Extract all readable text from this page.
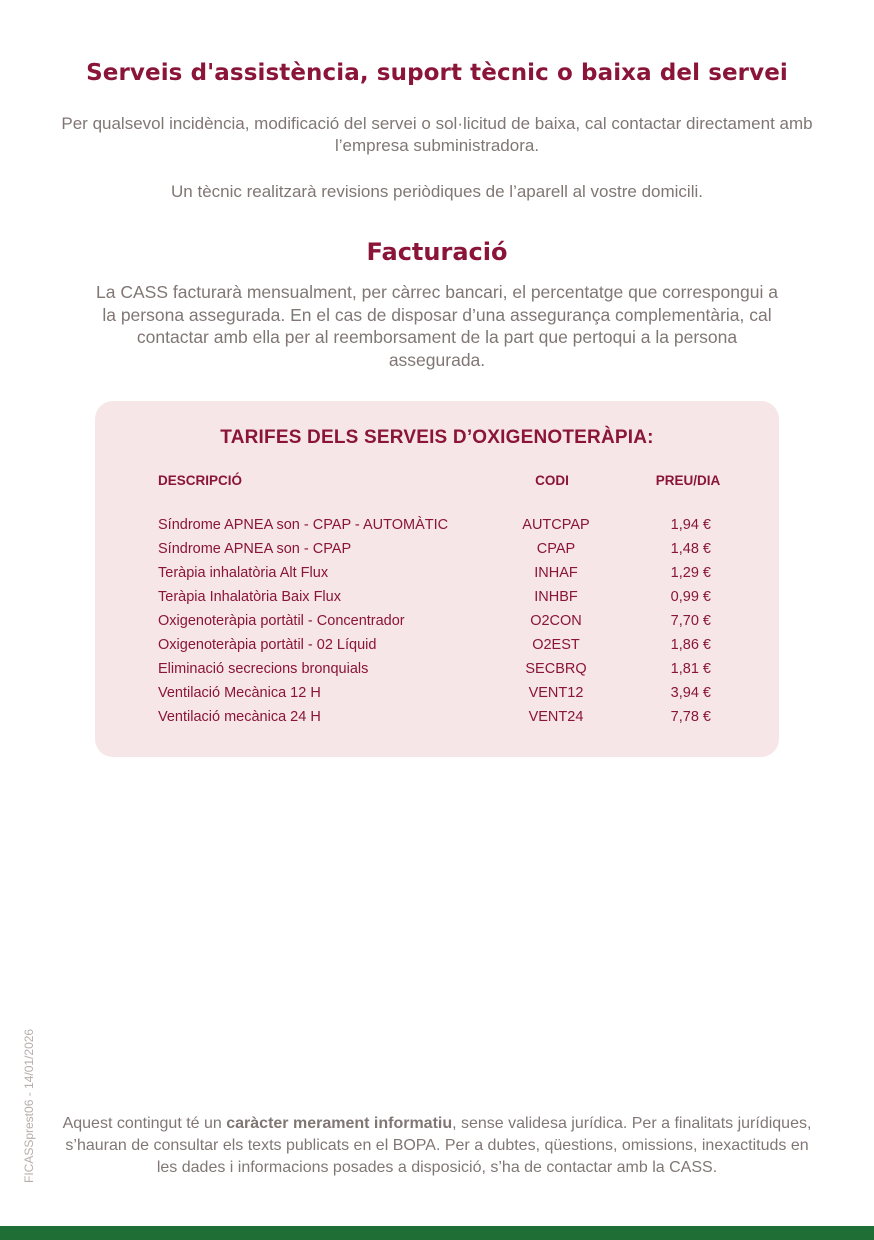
Serveis d'assistència, suport tècnic o baixa del servei

Per qualsevol incidència, modificació del servei o sol·licitud de baixa, cal contactar directament amb l’empresa subministradora.

Un tècnic realitzarà revisions periòdiques de l’aparell al vostre domicili.

Facturació

La CASS facturarà mensualment, per càrrec bancari, el percentatge que correspongui a la persona assegurada. En el cas de disposar d’una assegurança complementària, cal contactar amb ella per al reemborsament de la part que pertoqui a la persona assegurada.

TARIFES DELS SERVEIS D’OXIGENOTERÀPIA:
DESCRIPCIÓ	CODI	PREU/DIA
Síndrome APNEA son - CPAP - AUTOMÀTIC	AUTCPAP	1,94 €
Síndrome APNEA son - CPAP	CPAP	1,48 €
Teràpia inhalatòria Alt Flux	INHAF	1,29 €
Teràpia Inhalatòria Baix Flux	INHBF	0,99 €
Oxigenoteràpia portàtil - Concentrador	O2CON	7,70 €
Oxigenoteràpia portàtil - 02 Líquid	O2EST	1,86 €
Eliminació secrecions bronquials	SECBRQ	1,81 €
Ventilació Mecànica 12 H	VENT12	3,94 €
Ventilació mecànica 24 H	VENT24	7,78 €
FICASSprest06 - 14/01/2026 Aquest contingut té un caràcter merament informatiu, sense validesa jurídica. Per a finalitats jurídiques, s’hauran de consultar els texts publicats en el BOPA. Per a dubtes, qüestions, omissions, inexactituds en les dades i informacions posades a disposició, s’ha de contactar amb la CASS.
